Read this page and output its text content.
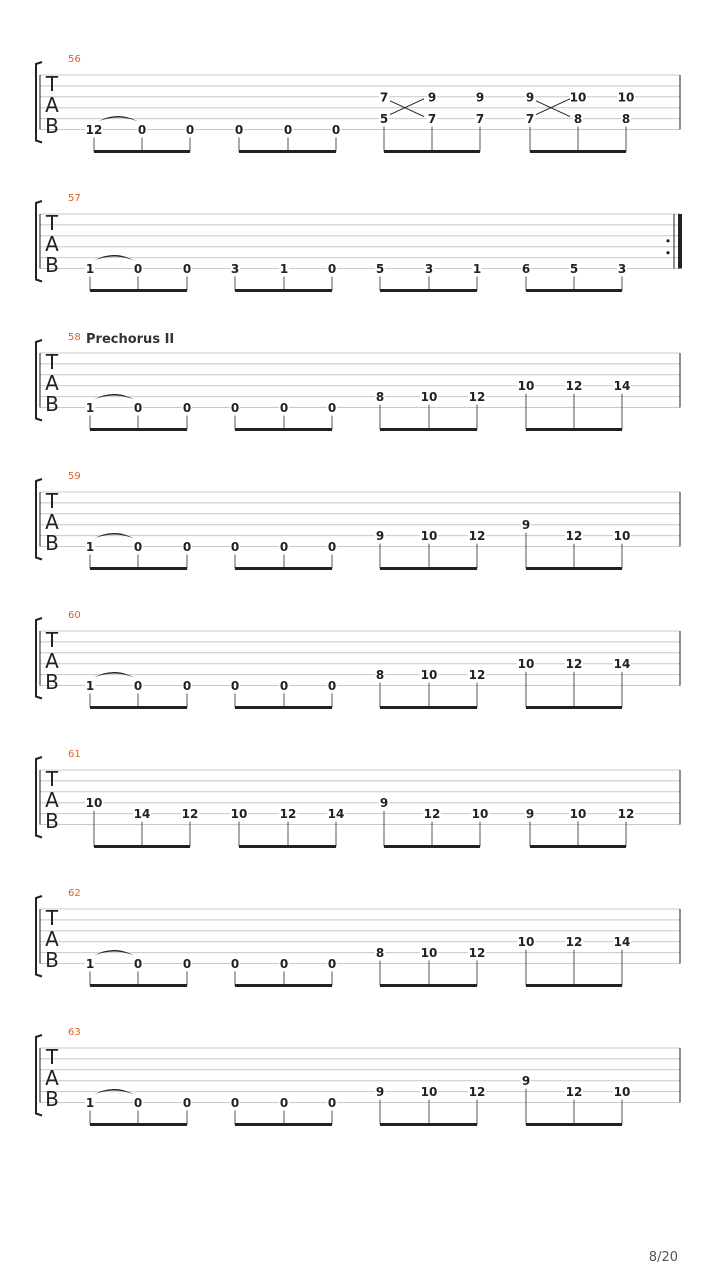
Prechorus II
56
T
A
B 12	0	0	0	0	0
7
5
9
7
9
7
9
7
10
8
10
8
57
T
A
B 1	0	0	3	1	0	5	3	1	6	5	3
58
T
A
B 1	0	0	0	0	0
8	10	12
10	12	14
59
T
A
B 1	0	0	0	0	0
9	10	12
9
12	10
60
T
A
B 1	0	0	0	0	0
8	10	12
10	12	14
61
T
A
B
10
14	12	10	12	14
9
12	10	9	10	12
62
T
A
B 1	0	0	0	0	0
8	10	12
10	12	14
63
T
A
B 1	0	0	0	0	0
9	10	12
9
12	10
8/20
